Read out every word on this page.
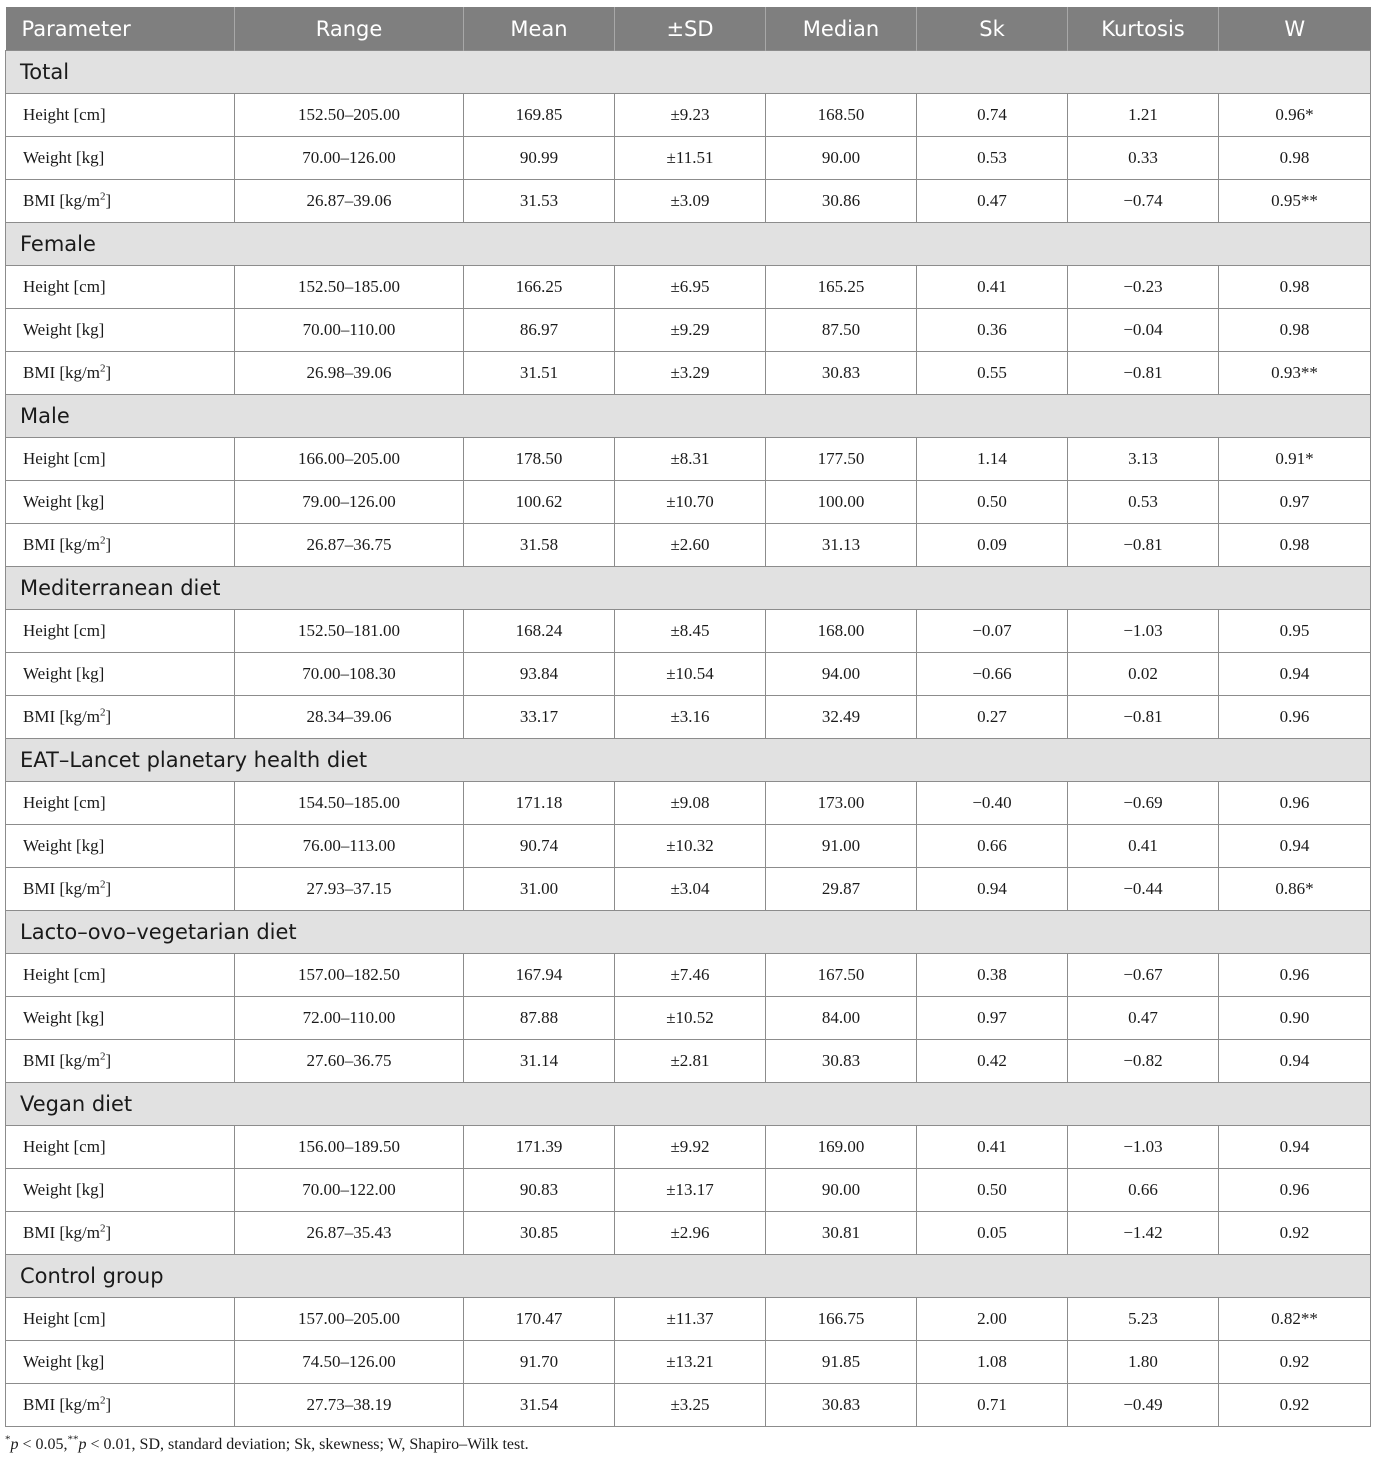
Parameter	Range	Mean	±SD	Median	Sk	Kurtosis	W
Total							
Height [cm]	152.50–205.00	169.85	±9.23	168.50	0.74	1.21	0.96*
Weight [kg]	70.00–126.00	90.99	±11.51	90.00	0.53	0.33	0.98
BMI $[kg/m^2]$	26.87–39.06	31.53	±3.09	30.86	0.47	−0.74	0.95**
Female							
Height [cm]	152.50–185.00	166.25	±6.95	165.25	0.41	−0.23	0.98
Weight [kg]	70.00–110.00	86.97	±9.29	87.50	0.36	−0.04	0.98
BMI $[kg/m^2]$	26.98–39.06	31.51	±3.29	30.83	0.55	−0.81	0.93**
Male							
Height [cm]	166.00–205.00	178.50	±8.31	177.50	1.14	3.13	0.91*
Weight [kg]	79.00–126.00	100.62	±10.70	100.00	0.50	0.53	0.97
BMI $[kg/m^2]$	26.87–36.75	31.58	±2.60	31.13	0.09	−0.81	0.98
Mediterranean diet							
Height [cm]	152.50–181.00	168.24	±8.45	168.00	−0.07	−1.03	0.95
Weight [kg]	70.00–108.30	93.84	±10.54	94.00	−0.66	0.02	0.94
BMI $[kg/m^2]$	28.34–39.06	33.17	±3.16	32.49	0.27	−0.81	0.96
EAT–Lancet planetary health diet							
Height [cm]	154.50–185.00	171.18	±9.08	173.00	−0.40	−0.69	0.96
Weight [kg]	76.00–113.00	90.74	±10.32	91.00	0.66	0.41	0.94
BMI $[kg/m^2]$	27.93–37.15	31.00	±3.04	29.87	0.94	−0.44	0.86*
Lacto–ovo–vegetarian diet							
Height [cm]	157.00–182.50	167.94	±7.46	167.50	0.38	−0.67	0.96
Weight [kg]	72.00–110.00	87.88	±10.52	84.00	0.97	0.47	0.90
BMI $[kg/m^2]$	27.60–36.75	31.14	±2.81	30.83	0.42	−0.82	0.94
Vegan diet							
Height [cm]	156.00–189.50	171.39	±9.92	169.00	0.41	−1.03	0.94
Weight [kg]	70.00–122.00	90.83	±13.17	90.00	0.50	0.66	0.96
BMI $[kg/m^2]$	26.87–35.43	30.85	±2.96	30.81	0.05	−1.42	0.92
Control group							
Height [cm]	157.00–205.00	170.47	±11.37	166.75	2.00	5.23	0.82**
Weight [kg]	74.50–126.00	91.70	±13.21	91.85	1.08	1.80	0.92
BMI $[kg/m^2]$	27.73–38.19	31.54	±3.25	30.83	0.71	−0.49	0.92
*p < 0.05,**p < 0.01, SD, standard deviation; Sk, skewness; W, Shapiro–Wilk test.
